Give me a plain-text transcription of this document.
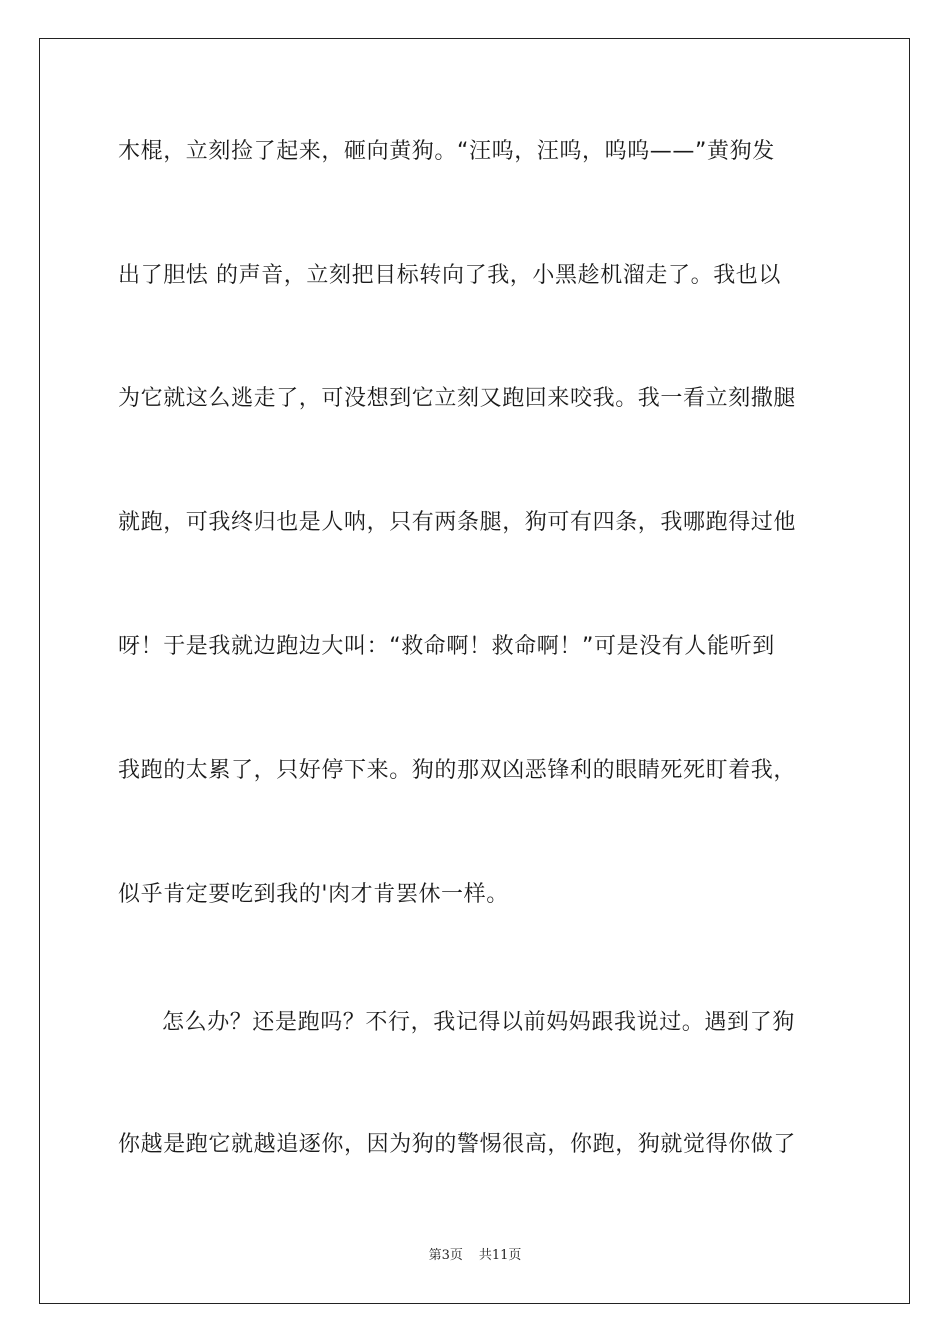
木棍，立刻捡了起来，砸向黄狗。“汪呜，汪呜，呜呜——”黄狗发
出了胆怯 的声音，立刻把目标转向了我，小黑趁机溜走了。我也以
为它就这么逃走了，可没想到它立刻又跑回来咬我。我一看立刻撒腿
就跑，可我终归也是人呐，只有两条腿，狗可有四条，我哪跑得过他
呀！于是我就边跑边大叫：“救命啊！救命啊！”可是没有人能听到
我跑的太累了，只好停下来。狗的那双凶恶锋利的眼睛死死盯着我，
似乎肯定要吃到我的'肉才肯罢休一样。
怎么办？还是跑吗？不行，我记得以前妈妈跟我说过。遇到了狗
你越是跑它就越追逐你，因为狗的警惕很高，你跑，狗就觉得你做了
第3页 共11页
